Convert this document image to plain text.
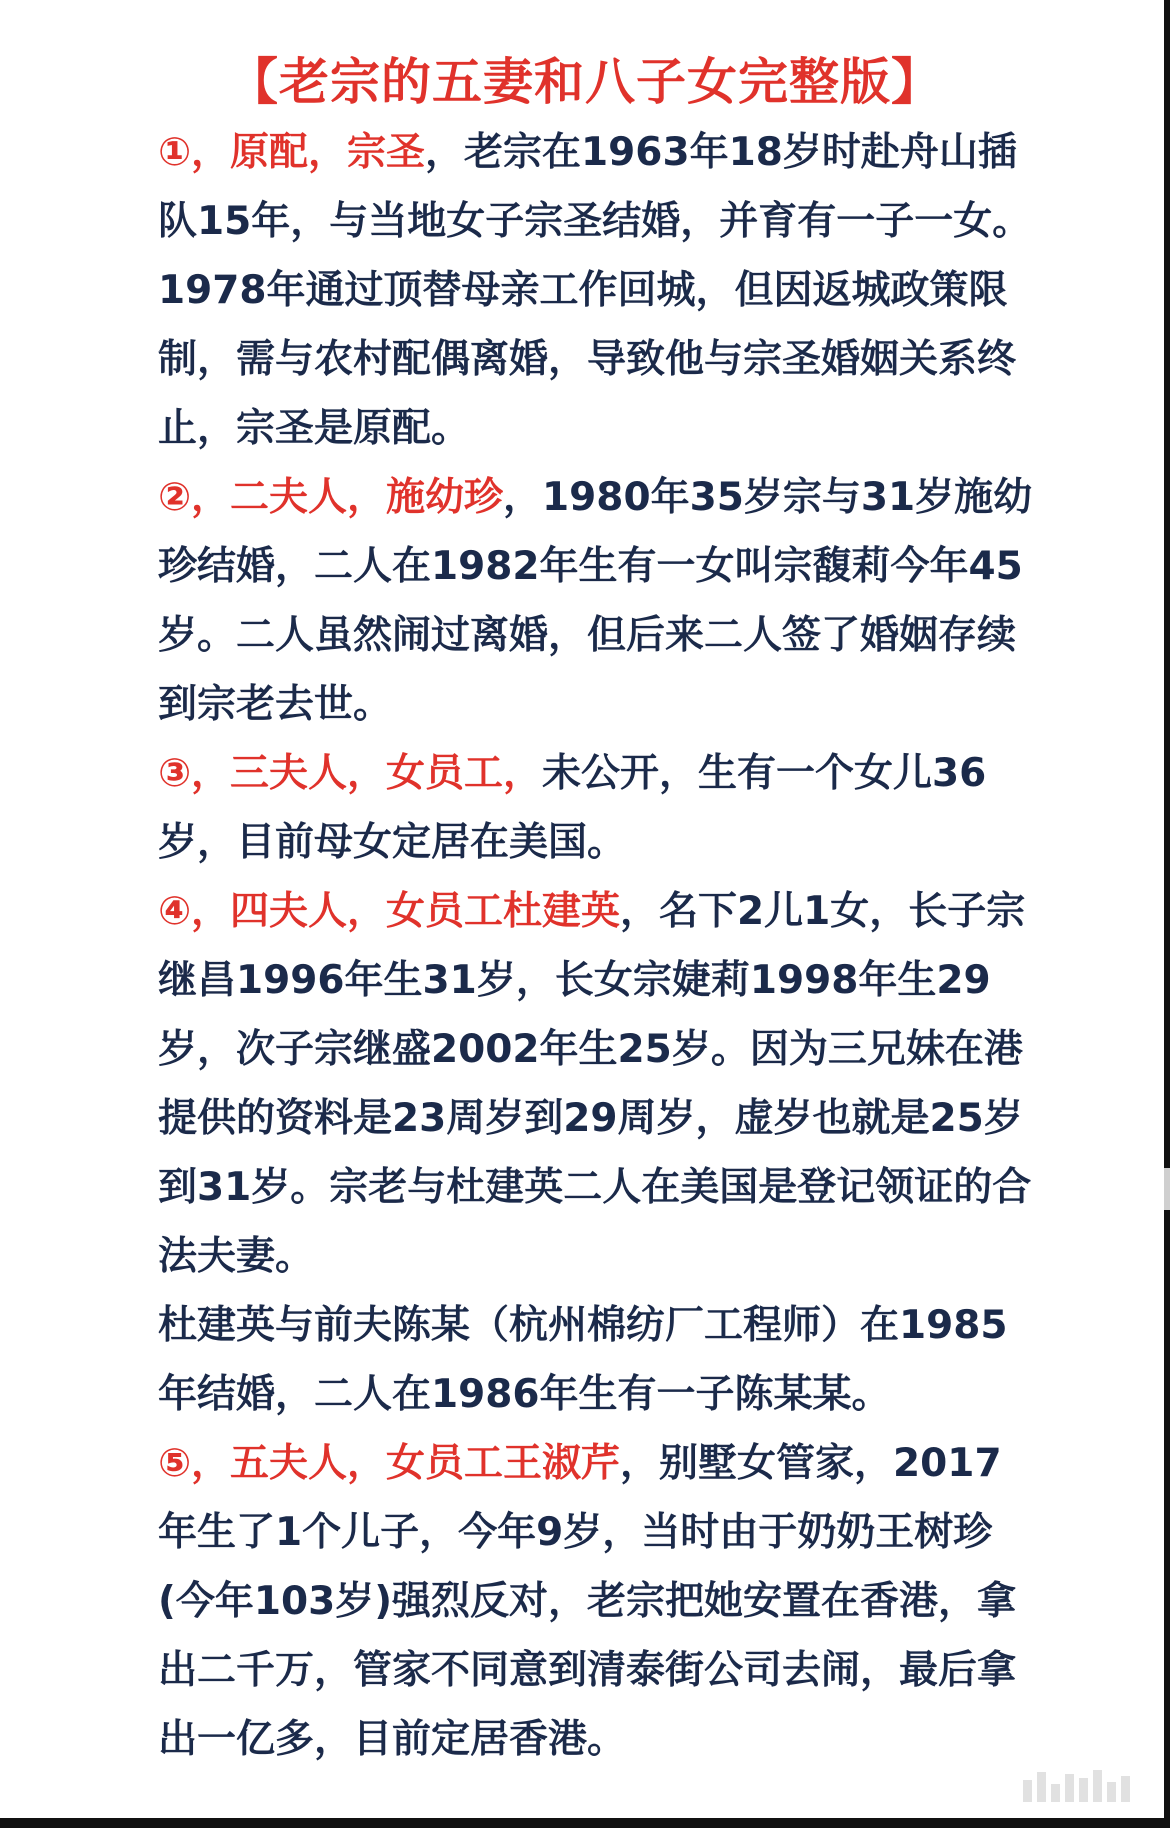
【老宗的五妻和八子女完整版】

①，原配，宗圣，老宗在1963年18岁时赴舟山插队15年，与当地女子宗圣结婚，并育有一子一女。1978年通过顶替母亲工作回城，但因返城政策限制，需与农村配偶离婚，导致他与宗圣婚姻关系终止，宗圣是原配。

②，二夫人，施幼珍，1980年35岁宗与31岁施幼珍结婚，二人在1982年生有一女叫宗馥莉今年45岁。二人虽然闹过离婚，但后来二人签了婚姻存续到宗老去世。

③，三夫人，女员工，未公开，生有一个女儿36岁，目前母女定居在美国。

④，四夫人，女员工杜建英，名下2儿1女，长子宗继昌1996年生31岁，长女宗婕莉1998年生29岁，次子宗继盛2002年生25岁。因为三兄妹在港提供的资料是23周岁到29周岁，虚岁也就是25岁到31岁。宗老与杜建英二人在美国是登记领证的合法夫妻。

杜建英与前夫陈某（杭州棉纺厂工程师）在1985年结婚，二人在1986年生有一子陈某某。

⑤，五夫人，女员工王淑芹，别墅女管家，2017年生了1个儿子，今年9岁，当时由于奶奶王树珍(今年103岁)强烈反对，老宗把她安置在香港，拿出二千万，管家不同意到清泰街公司去闹，最后拿出一亿多，目前定居香港。
